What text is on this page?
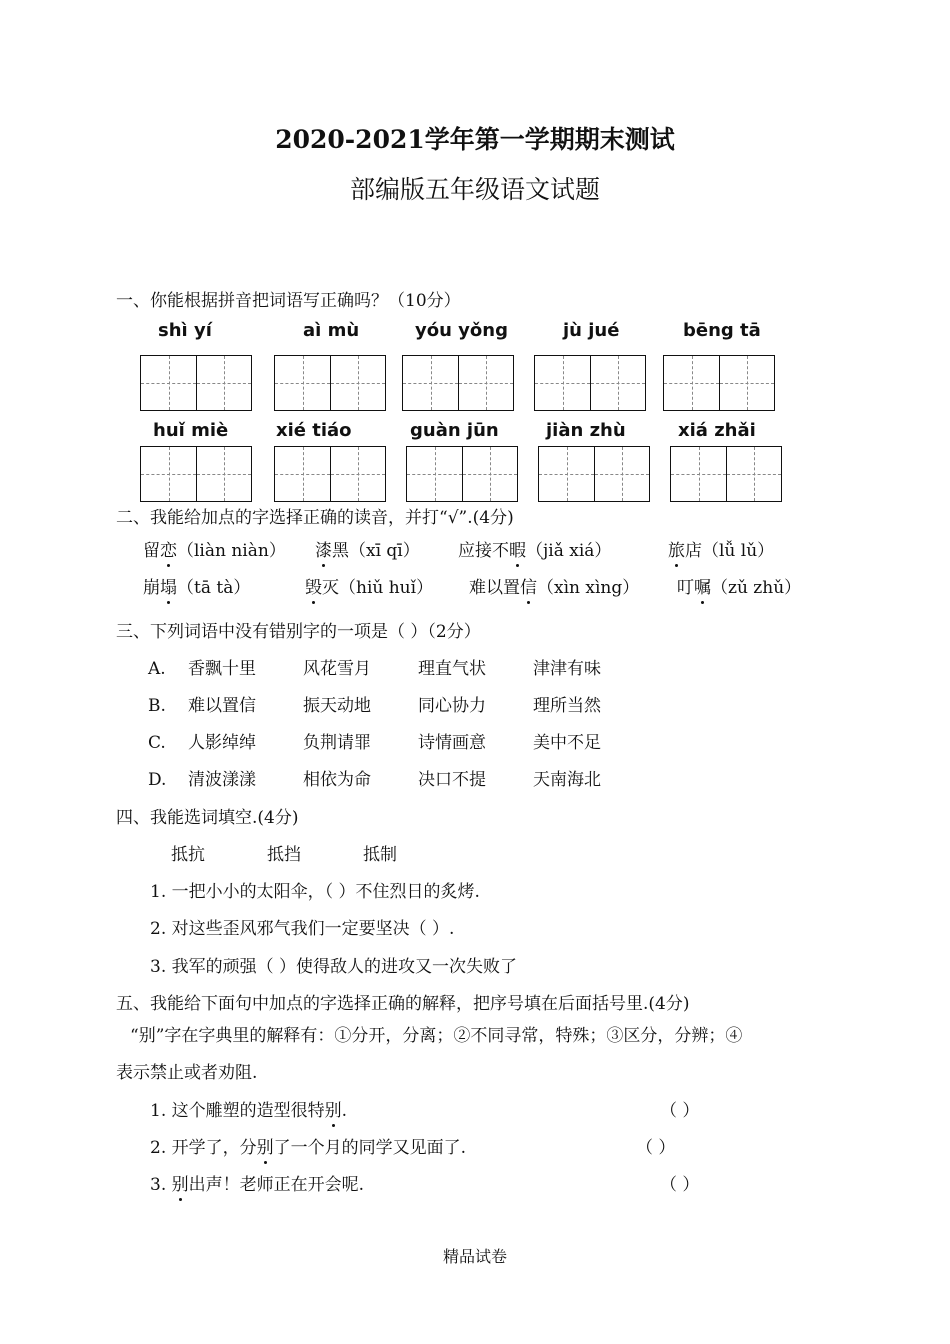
2020-2021学年第一学期期末测试
部编版五年级语文试题
一、你能根据拼音把词语写正确吗？（10分）
shì yí	aì mù	yóu yǒng	jù jué	bēng tā
huǐ miè	xié tiáo	guàn jūn	jiàn zhù	xiá zhǎi
二、我能给加点的字选择正确的读音，并打“√”.(4分)
留恋（liàn niàn） 漆黑（xī qī） 应接不暇（jiǎ xiá）	旅店（lǚ lǔ）
崩塌（tā tà）	毁灭（hiǔ huǐ） 难以置信（xìn xìng） 叮嘱（zǔ zhǔ）
三、下列词语中没有错别字的一项是（ ）（2分）
A. 香飘十里	风花雪月	理直气状	津津有味
B. 难以置信	振天动地	同心协力	理所当然
C. 人影绰绰	负荆请罪	诗情画意	美中不足
D. 清波漾漾	相依为命	决口不提	天南海北
四、我能选词填空.(4分)
抵抗	抵挡	抵制
1. 一把小小的太阳伞，（ ）不住烈日的炙烤.
2. 对这些歪风邪气我们一定要坚决（ ）.
3. 我军的顽强（ ）使得敌人的进攻又一次失败了
五、我能给下面句中加点的字选择正确的解释，把序号填在后面括号里.(4分)
“别”字在字典里的解释有：①分开，分离；②不同寻常，特殊；③区分，分辨；④
表示禁止或者劝阻.
1. 这个雕塑的造型很特别.	（ ）
2. 开学了，分别了一个月的同学又见面了.	（ ）
3. 别出声！老师正在开会呢.	（ ）
精品试卷
